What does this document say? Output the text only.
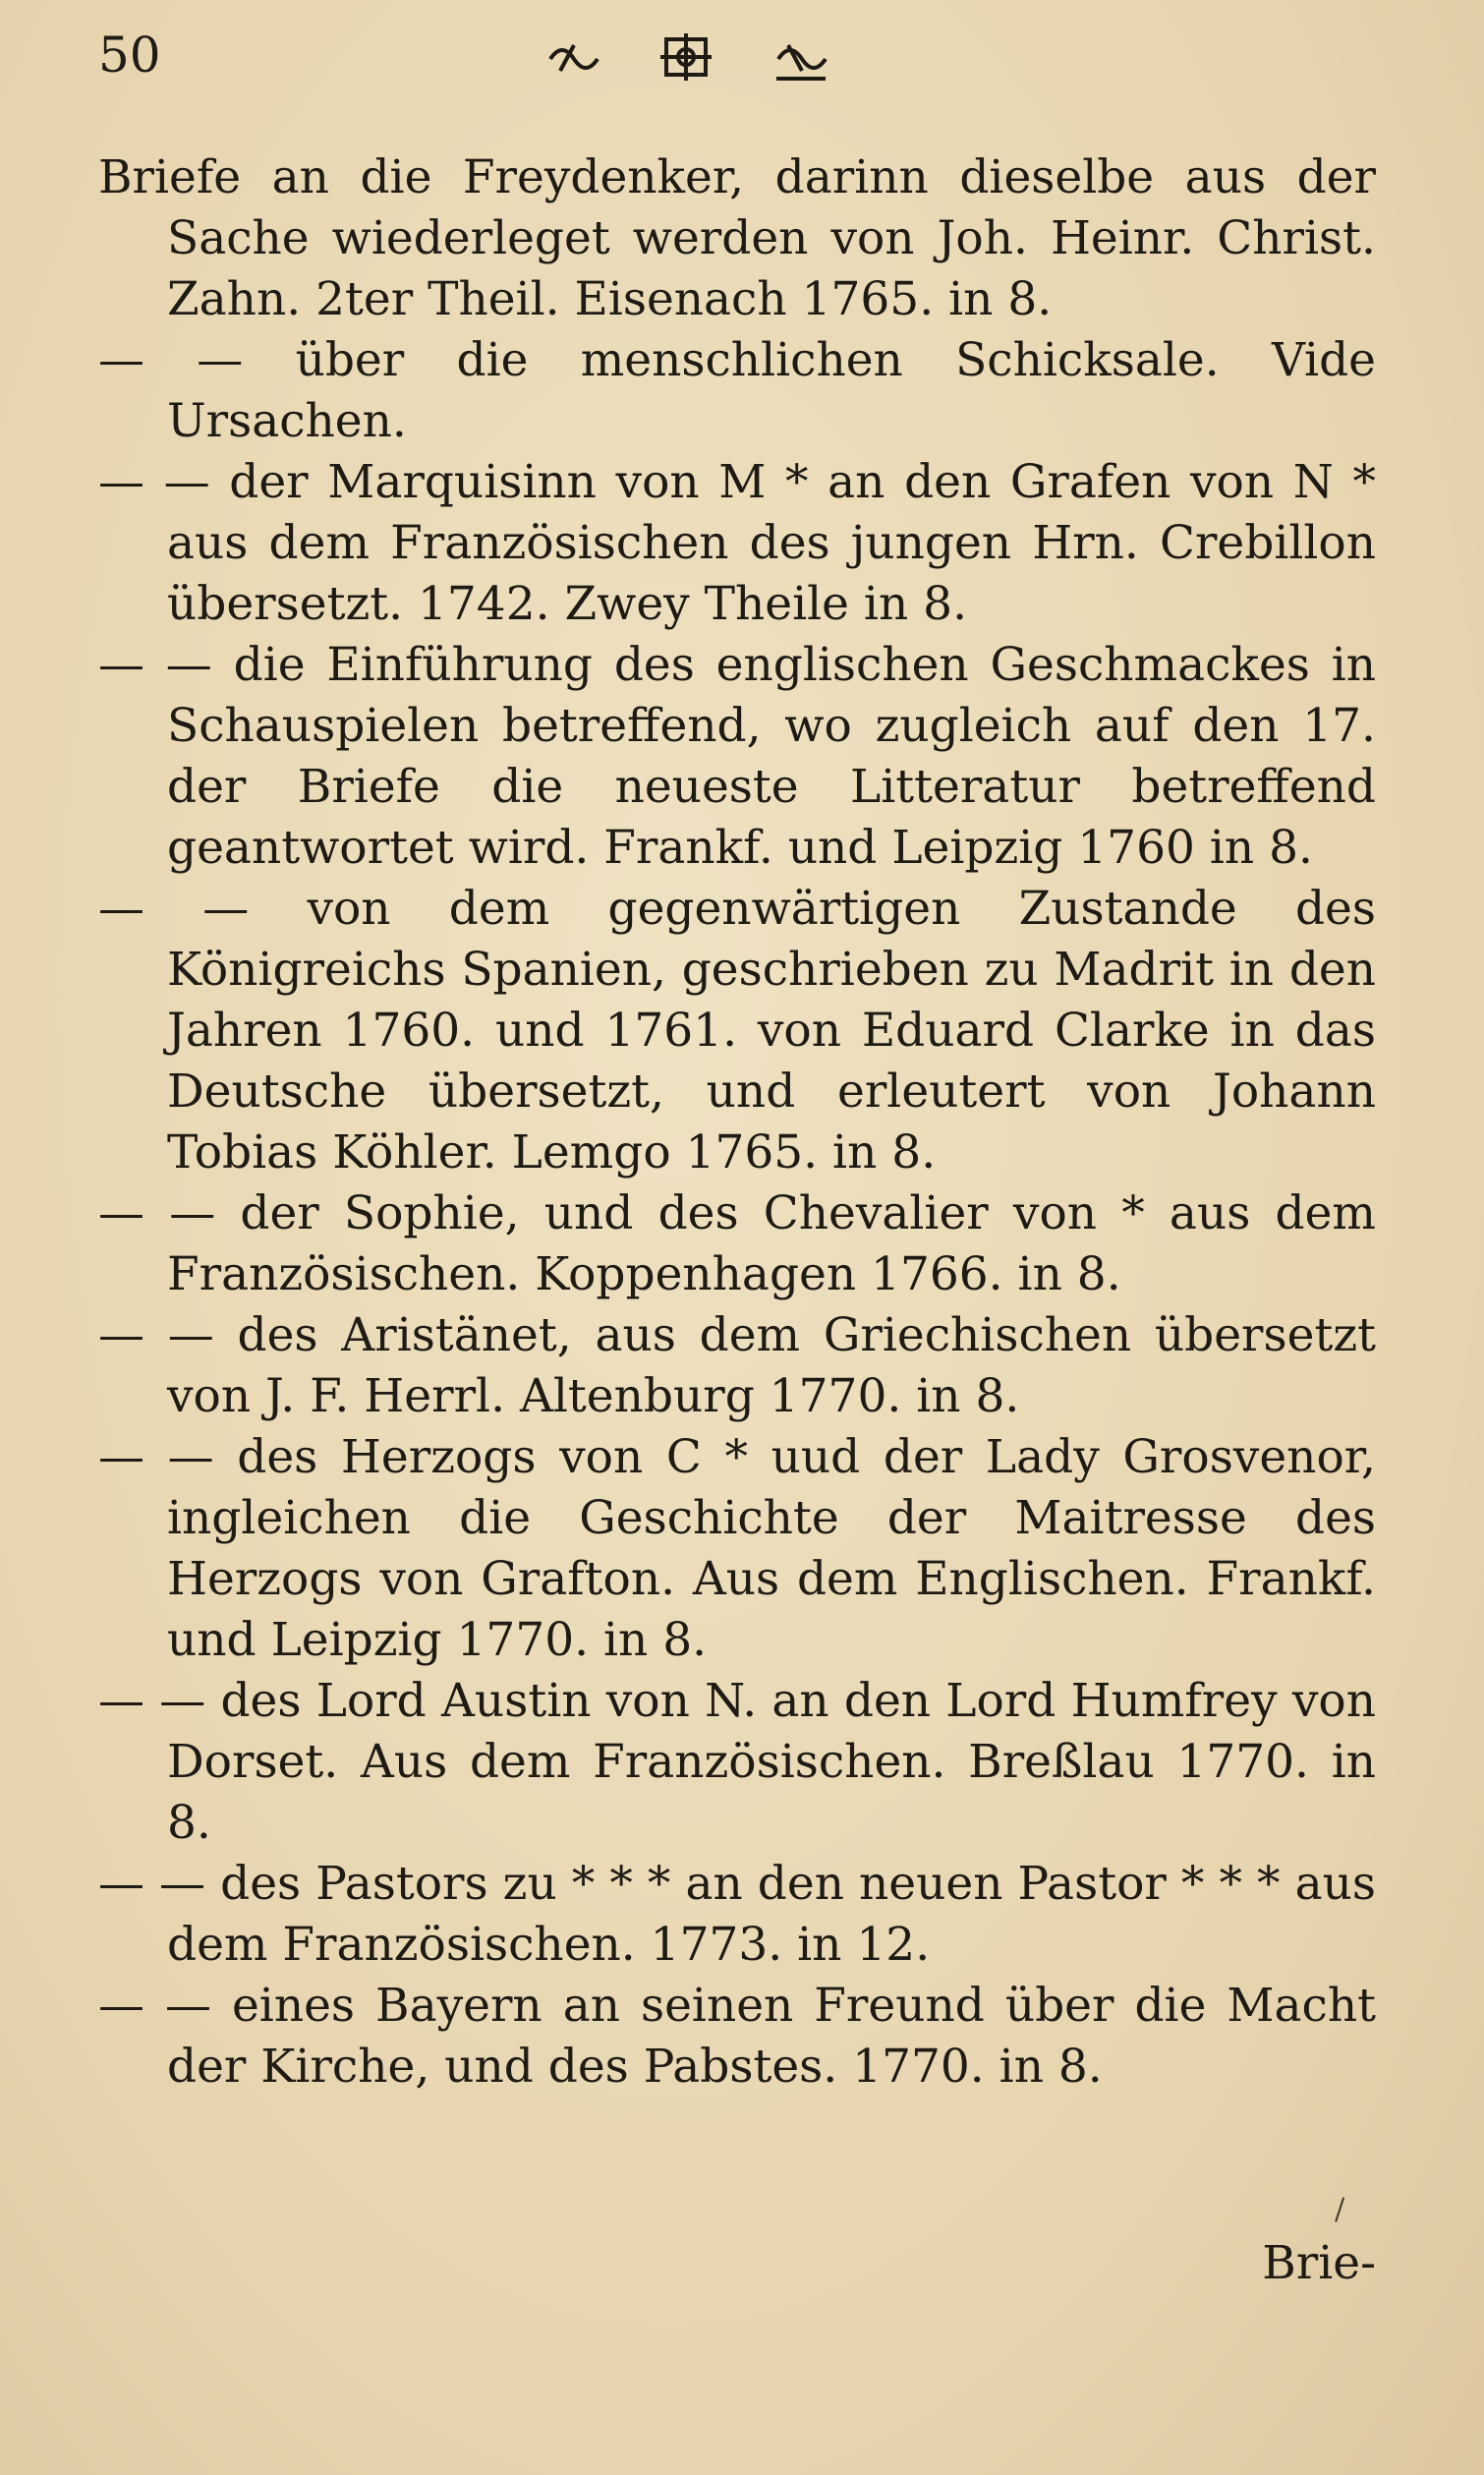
50

Briefe an die Freydenker, darinn dieselbe aus der Sache wiederleget werden von Joh. Heinr. Christ. Zahn. 2ter Theil. Eisenach 1765. in 8.

— — über die menschlichen Schicksale. Vide Ursachen.

— — der Marquisinn von M * an den Grafen von N * aus dem Französischen des jungen Hrn. Crebillon übersetzt. 1742. Zwey Theile in 8.

— — die Einführung des englischen Geschmackes in Schauspielen betreffend, wo zugleich auf den 17. der Briefe die neueste Litteratur betreffend geantwortet wird. Frankf. und Leipzig 1760 in 8.

— — von dem gegenwärtigen Zustande des Königreichs Spanien, geschrieben zu Madrit in den Jahren 1760. und 1761. von Eduard Clarke in das Deutsche übersetzt, und erleutert von Johann Tobias Köhler. Lemgo 1765. in 8.

— — der Sophie, und des Chevalier von * aus dem Französischen. Koppenhagen 1766. in 8.

— — des Aristänet, aus dem Griechischen übersetzt von J. F. Herrl. Altenburg 1770. in 8.

— — des Herzogs von C * uud der Lady Grosvenor, ingleichen die Geschichte der Maitresse des Herzogs von Grafton. Aus dem Englischen. Frankf. und Leipzig 1770. in 8.

— — des Lord Austin von N. an den Lord Humfrey von Dorset. Aus dem Französischen. Breßlau 1770. in 8.

— — des Pastors zu * * * an den neuen Pastor * * * aus dem Französischen. 1773. in 12.

— — eines Bayern an seinen Freund über die Macht der Kirche, und des Pabstes. 1770. in 8.

Brie-
